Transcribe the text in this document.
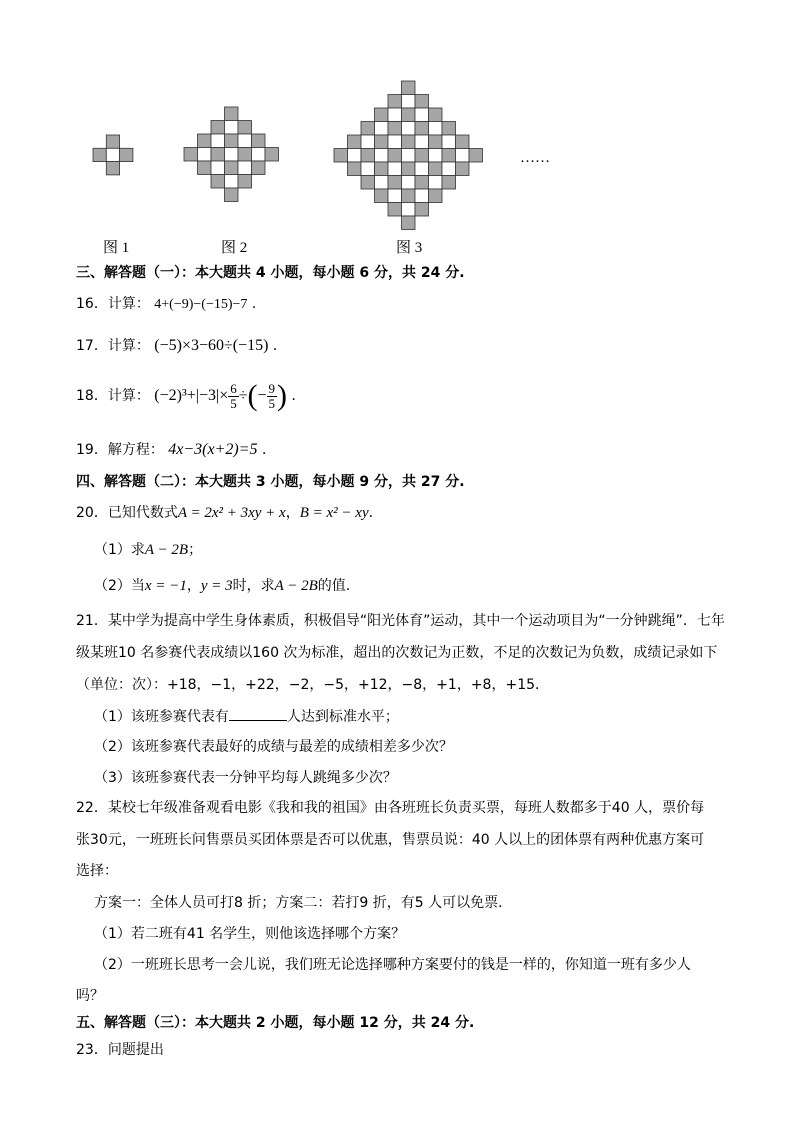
……
图 1	图 2	图 3
三、解答题（一）：本大题共 4 小题，每小题 6 分，共 24 分.
16．计算： 4+(−9)−(−15)−7 ．
17．计算： (−5)×3−60÷(−15) ．
18．计算： $(-2)^3+|-3|\times \frac{6}{5}$ ÷(− $\frac{9}{5}$ ) ．
19．解方程： 4x−3(x+2)=5 ．
四、解答题（二）：本大题共 3 小题，每小题 9 分，共 27 分.
20．已知代数式A = 2x² + 3xy + x，B = x² − xy．
（1）求A − 2B；
（2）当x = −1，y = 3时，求A − 2B的值.
21．某中学为提高中学生身体素质，积极倡导“阳光体育”运动，其中一个运动项目为“一分钟跳绳”．七年
级某班10 名参赛代表成绩以160 次为标准，超出的次数记为正数，不足的次数记为负数，成绩记录如下
（单位：次）：+18，−1，+22，−2，−5，+12，−8，+1，+8，+15．
（1）该班参赛代表有	人达到标准水平；
（2）该班参赛代表最好的成绩与最差的成绩相差多少次？
（3）该班参赛代表一分钟平均每人跳绳多少次？
22．某校七年级准备观看电影《我和我的祖国》由各班班长负责买票，每班人数都多于40 人，票价每
张30元，一班班长问售票员买团体票是否可以优惠，售票员说：40 人以上的团体票有两种优惠方案可
选择：
方案一：全体人员可打8 折；方案二：若打9 折，有5 人可以免票．
（1）若二班有41 名学生，则他该选择哪个方案？
（2）一班班长思考一会儿说，我们班无论选择哪种方案要付的钱是一样的，你知道一班有多少人
吗？
五、解答题（三）：本大题共 2 小题，每小题 12 分，共 24 分.
23．问题提出
